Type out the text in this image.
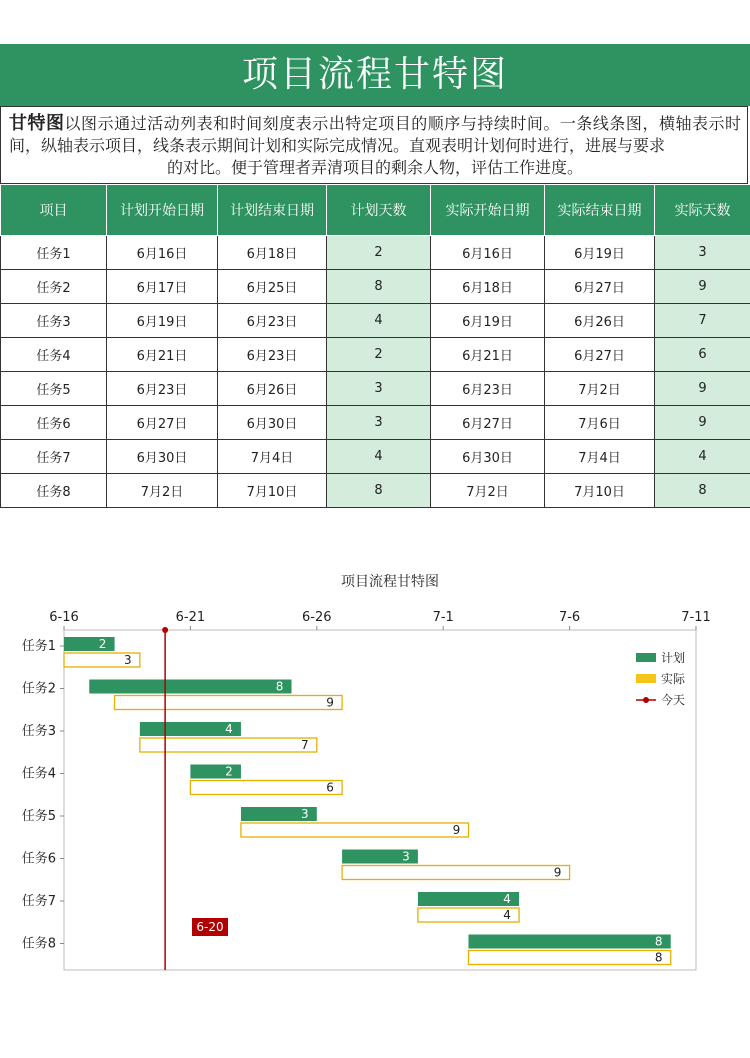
项目流程甘特图
甘特图以图示通过活动列表和时间刻度表示出特定项目的顺序与持续时间。一条线条图，横轴表示时间，纵轴表示项目，线条表示期间计划和实际完成情况。直观表明计划何时进行，进展与要求
的对比。便于管理者弄清项目的剩余人物，评估工作进度。
项目	计划开始日期	计划结束日期	计划天数	实际开始日期	实际结束日期	实际天数
任务1	6月16日	6月18日	2	6月16日	6月19日	3
任务2	6月17日	6月25日	8	6月18日	6月27日	9
任务3	6月19日	6月23日	4	6月19日	6月26日	7
任务4	6月21日	6月23日	2	6月21日	6月27日	6
任务5	6月23日	6月26日	3	6月23日	7月2日	9
任务6	6月27日	6月30日	3	6月27日	7月6日	9
任务7	6月30日	7月4日	4	6月30日	7月4日	4
任务8	7月2日	7月10日	8	7月2日	7月10日	8
项目流程甘特图
6-16	6-21	6-26	7-1	7-6	7-11
任务1	2
3
任务2	8
9
任务3	4
7
任务4	2
6
任务5	3
9
任务6	3
9
任务7	4
4
任务8	8
8
6-20
计划
实际
今天
